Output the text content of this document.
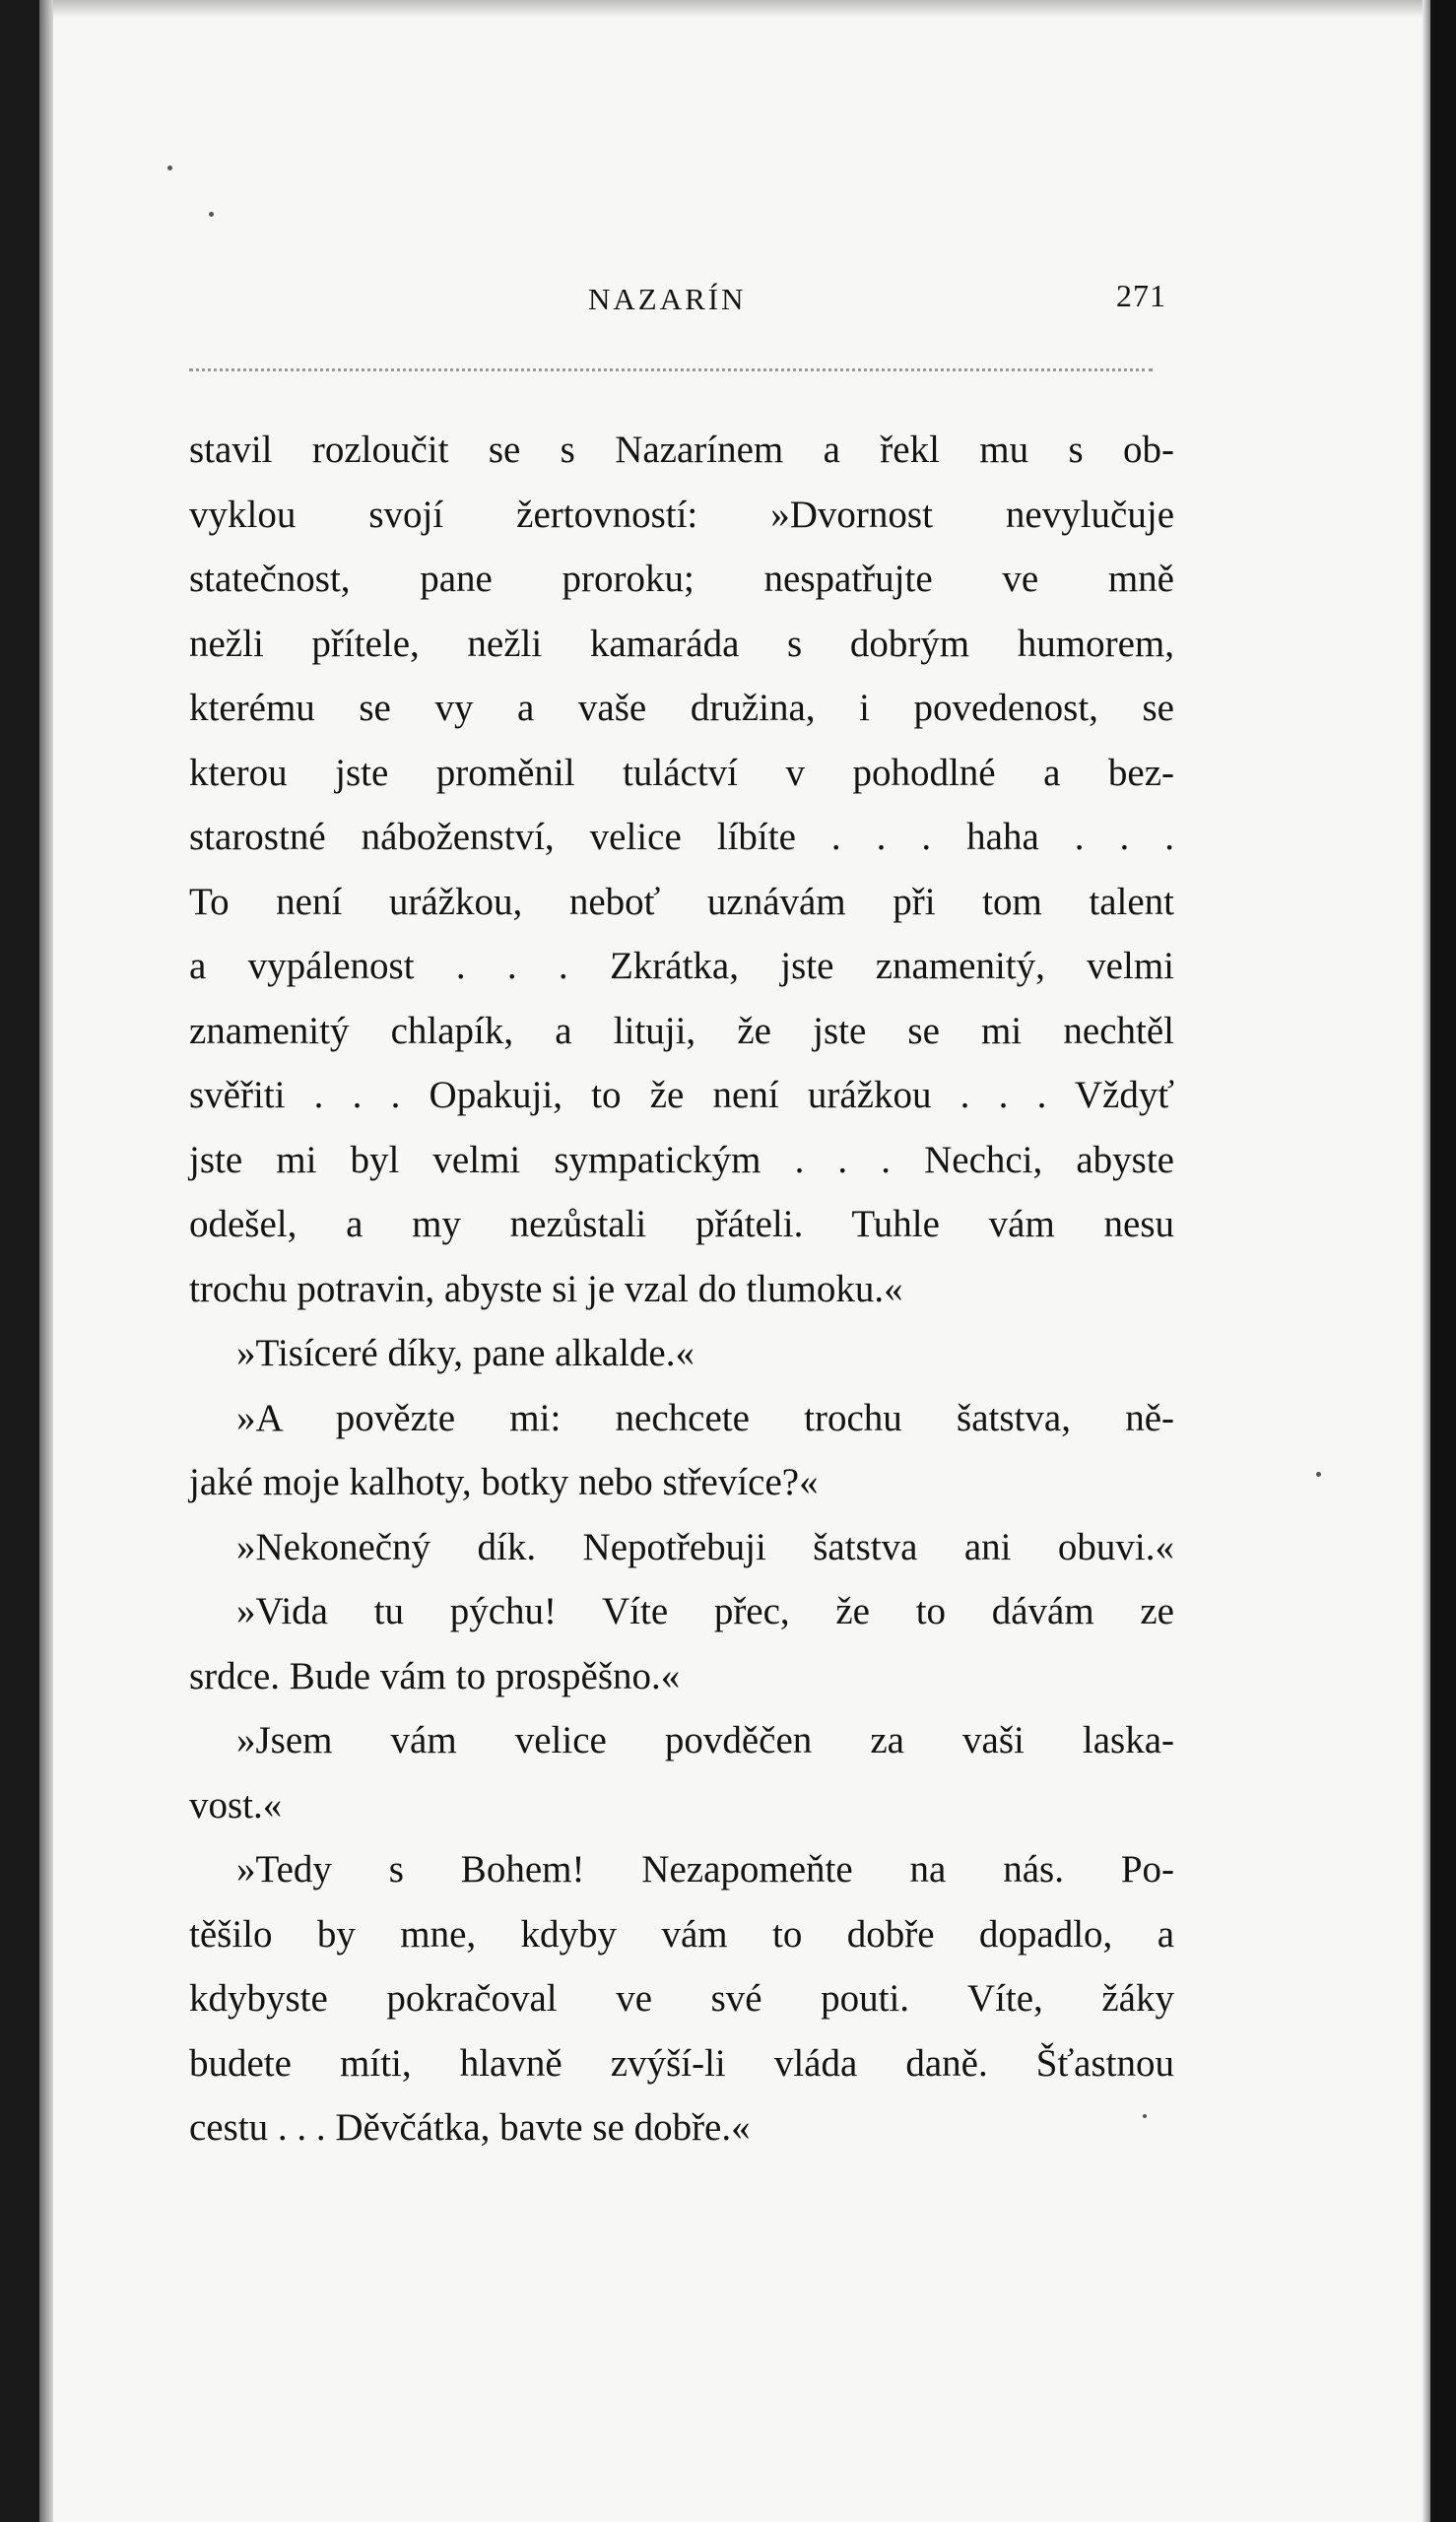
NAZARÍN	271
stavil rozloučit se s Nazarínem a řekl mu s ob-
vyklou svojí žertovností: »Dvornost nevylučuje
statečnost, pane proroku; nespatřujte ve mně
nežli přítele, nežli kamaráda s dobrým humorem,
kterému se vy a vaše družina, i povedenost, se
kterou jste proměnil tuláctví v pohodlné a bez-
starostné náboženství, velice líbíte . . . haha . . .
To není urážkou, neboť uznávám při tom talent
a vypálenost . . . Zkrátka, jste znamenitý, velmi
znamenitý chlapík, a lituji, že jste se mi nechtěl
svěřiti . . . Opakuji, to že není urážkou . . . Vždyť
jste mi byl velmi sympatickým . . . Nechci, abyste
odešel, a my nezůstali přáteli. Tuhle vám nesu
trochu potravin, abyste si je vzal do tlumoku.«
»Tisíceré díky, pane alkalde.«
»A povězte mi: nechcete trochu šatstva, ně-
jaké moje kalhoty, botky nebo střevíce?«
»Nekonečný dík. Nepotřebuji šatstva ani obuvi.«
»Vida tu pýchu! Víte přec, že to dávám ze
srdce. Bude vám to prospěšno.«
»Jsem vám velice povděčen za vaši laska-
vost.«
»Tedy s Bohem! Nezapomeňte na nás. Po-
těšilo by mne, kdyby vám to dobře dopadlo, a
kdybyste pokračoval ve své pouti. Víte, žáky
budete míti, hlavně zvýší-li vláda daně. Šťastnou
cestu . . . Děvčátka, bavte se dobře.«
